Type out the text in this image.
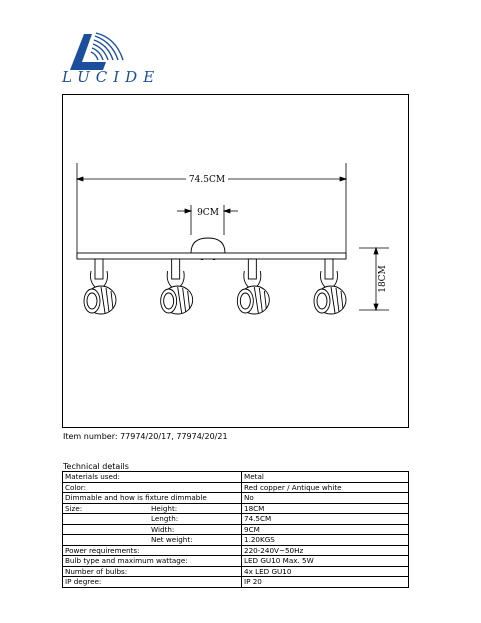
LUCIDE
74.5CM
9CM
18CM
Item number: 77974/20/17, 77974/20/21
Technical details
Materials used:	Metal
Color:	Red copper / Antique white
Dimmable and how is fixture dimmable	No
Size: Height:	18CM
Length:	74.5CM
Width:	9CM
Net weight:	1.20KGS
Power requirements:	220-240V~50Hz
Bulb type and maximum wattage:	LED GU10 Max. 5W
Number of bulbs:	4x LED GU10
IP degree:	IP 20
